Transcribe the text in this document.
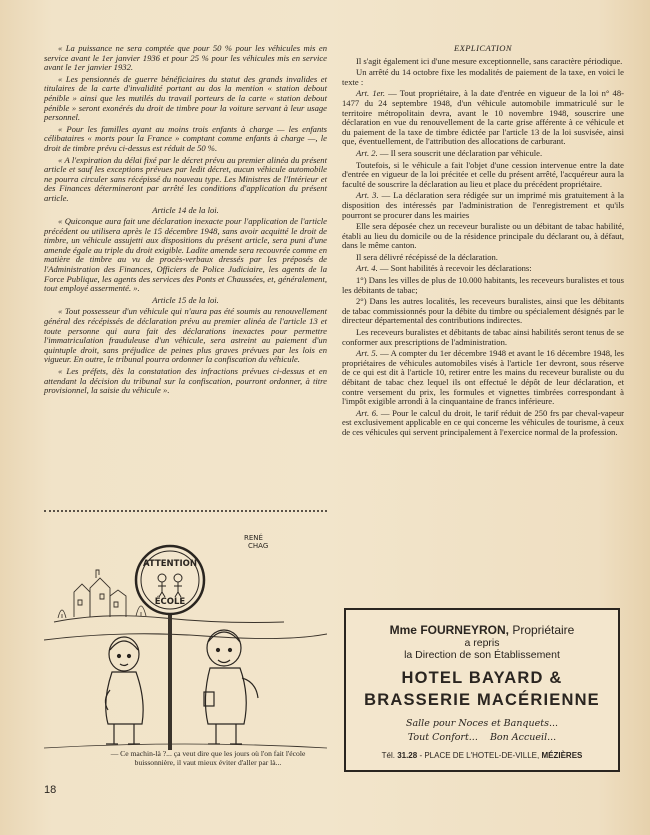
« La puissance ne sera comptée que pour 50 % pour les véhicules mis en service avant le 1er janvier 1936 et pour 25 % pour les véhicules mis en service avant le 1er janvier 1932.

« Les pensionnés de guerre bénéficiaires du statut des grands invalides et titulaires de la carte d'invalidité portant au dos la mention « station debout pénible » ainsi que les mutilés du travail porteurs de la carte « station debout pénible » seront exonérés du droit de timbre pour la voiture servant à leur usage personnel.

« Pour les familles ayant au moins trois enfants à charge — les enfants célibataires « morts pour la France » comptant comme enfants à charge —, le droit de timbre prévu ci-dessus est réduit de 50 %.

« A l'expiration du délai fixé par le décret prévu au premier alinéa du présent article et sauf les exceptions prévues par ledit décret, aucun véhicule automobile ne pourra circuler sans récépissé du nouveau type. Les Ministres de l'Intérieur et des Finances détermineront par arrêté les conditions d'application du présent article.

Article 14 de la loi.

« Quiconque aura fait une déclaration inexacte pour l'application de l'article précédent ou utilisera après le 15 décembre 1948, sans avoir acquitté le droit de timbre, un véhicule assujetti aux dispositions du présent article, sera puni d'une amende égale au triple du droit exigible. Ladite amende sera recouvrée comme en matière de timbre au vu de procès-verbaux dressés par les préposés de l'Administration des Finances, Officiers de Police Judiciaire, les agents de la Force Publique, les agents des services des Ponts et Chaussées, et, généralement, tout employé assermenté. ».

Article 15 de la loi.

« Tout possesseur d'un véhicule qui n'aura pas été soumis au renouvellement général des récépissés de déclaration prévu au premier alinéa de l'article 13 et toute personne qui aura fait des déclarations inexactes pour permettre l'immatriculation frauduleuse d'un véhicule, sera astreint au paiement d'un quintuple droit, sans préjudice de peines plus graves prévues par les lois en vigueur. En outre, le tribunal pourra ordonner la confiscation du véhicule.

« Les préfets, dès la constatation des infractions prévues ci-dessus et en attendant la décision du tribunal sur la confiscation, pourront ordonner, à titre provisionnel, la saisie du véhicule ».

RENÉ
CHAG
ATTENTION
ÉCOLE
— Ce machin-là ?... ça veut dire que les jours où l'on fait l'école buissonnière, il vaut mieux éviter d'aller par là...
18
EXPLICATION

Il s'agit également ici d'une mesure exceptionnelle, sans caractère périodique.

Un arrêté du 14 octobre fixe les modalités de paiement de la taxe, en voici le texte :

Art. 1er. — Tout propriétaire, à la date d'entrée en vigueur de la loi n° 48-1477 du 24 septembre 1948, d'un véhicule automobile immatriculé sur le territoire métropolitain devra, avant le 10 novembre 1948, souscrire une déclaration en vue du renouvellement de la carte grise afférente à ce véhicule et du paiement de la taxe de timbre édictée par l'article 13 de la loi susvisée, ainsi que, éventuellement, de l'attribution des allocations de carburant.

Art. 2. — Il sera souscrit une déclaration par véhicule.

Toutefois, si le véhicule a fait l'objet d'une cession intervenue entre la date d'entrée en vigueur de la loi précitée et celle du présent arrêté, l'acquéreur aura la faculté de souscrire la déclaration au lieu et place du précédent propriétaire.

Art. 3. — La déclaration sera rédigée sur un imprimé mis gratuitement à la disposition des intéressés par l'administration de l'enregistrement et qu'ils pourront se procurer dans les mairies

Elle sera déposée chez un receveur buraliste ou un débitant de tabac habilité, établi au lieu du domicile ou de la résidence principale du déclarant ou, à défaut, dans le même canton.

Il sera délivré récépissé de la déclaration.

Art. 4. — Sont habilités à recevoir les déclarations:

1°) Dans les villes de plus de 10.000 habitants, les receveurs buralistes et tous les débitants de tabac;

2°) Dans les autres localités, les receveurs buralistes, ainsi que les débitants de tabac commissionnés pour la débite du timbre ou spécialement désignés par le directeur départemental des contributions indirectes.

Les receveurs buralistes et débitants de tabac ainsi habilités seront tenus de se conformer aux prescriptions de l'administration.

Art. 5. — A compter du 1er décembre 1948 et avant le 16 décembre 1948, les propriétaires de véhicules automobiles visés à l'article 1er devront, sous réserve de ce qui est dit à l'article 10, retirer entre les mains du receveur buraliste ou du débitant de tabac chez lequel ils ont effectué le dépôt de leur déclaration, et contre versement du prix, les formules et vignettes timbrées correspondant à l'impôt exigible arrondi à la cinquantaine de francs inférieure.

Art. 6. — Pour le calcul du droit, le tarif réduit de 250 frs par cheval-vapeur est exclusivement applicable en ce qui concerne les véhicules de tourisme, à ceux de ces véhicules qui servent principalement à l'exercice normal de la profession.

Mme FOURNEYRON, Propriétaire
a repris
la Direction de son Établissement
HOTEL BAYARD &
BRASSERIE MACÉRIENNE
Salle pour Noces et Banquets...
Tout Confort... Bon Accueil...
Tél. 31.28 - PLACE DE L'HOTEL-DE-VILLE, MÉZIÈRES
